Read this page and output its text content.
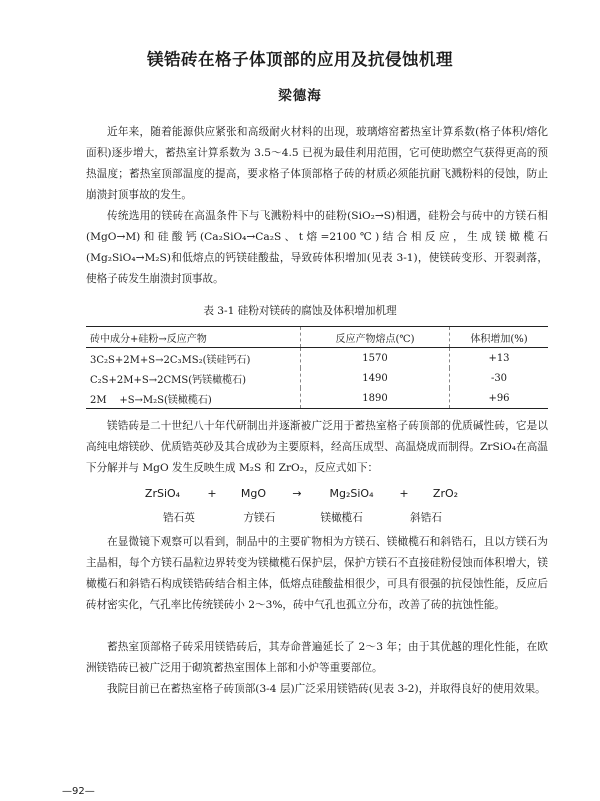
镁锆砖在格子体顶部的应用及抗侵蚀机理
梁德海

近年来，随着能源供应紧张和高级耐火材料的出现，玻璃熔窑蓄热室计算系数(格子体积/熔化面积)逐步增大，蓄热室计算系数为 3.5～4.5 已视为最佳利用范围，它可使助燃空气获得更高的预热温度；蓄热室顶部温度的提高，要求格子体顶部格子砖的材质必须能抗耐飞溅粉料的侵蚀，防止崩溃封顶事故的发生。

传统选用的镁砖在高温条件下与飞溅粉料中的硅粉(SiO₂→S)相遇，硅粉会与砖中的方镁石相(MgO→M)和硅酸钙(Ca₂SiO₄→Ca₂S、t熔=2100℃)结合相反应，生成镁橄榄石(Mg₂SiO₄→M₂S)和低熔点的钙镁硅酸盐，导致砖体积增加(见表 3-1)，使镁砖变形、开裂剥落，使格子砖发生崩溃封顶事故。

表 3-1 硅粉对镁砖的腐蚀及体积增加机理
砖中成分+硅粉→反应产物	反应产物熔点(℃)	体积增加(%)
3C₂S+2M+S→2C₃MS₂(镁硅钙石)	1570	+13
C₂S+2M+S→2CMS(钙镁橄榄石)	1490	-30
2M    +S→M₂S(镁橄榄石)	1890	+96

镁锆砖是二十世纪八十年代研制出并逐渐被广泛用于蓄热室格子砖顶部的优质碱性砖，它是以高纯电熔镁砂、优质锆英砂及其合成砂为主要原料，经高压成型、高温烧成而制得。ZrSiO₄在高温下分解并与 MgO 发生反映生成 M₂S 和 ZrO₂，反应式如下：

ZrSiO₄ + MgO →	Mg₂SiO₄ + ZrO₂
锆石英	方镁石	镁橄榄石	斜锆石

在显微镜下观察可以看到，制品中的主要矿物相为方镁石、镁橄榄石和斜锆石，且以方镁石为主晶相，每个方镁石晶粒边界转变为镁橄榄石保护层，保护方镁石不直接硅粉侵蚀而体积增大，镁橄榄石和斜锆石构成镁锆砖结合相主体，低熔点硅酸盐相很少，可具有很强的抗侵蚀性能，反应后砖材密实化，气孔率比传统镁砖小 2～3%，砖中气孔也孤立分布，改善了砖的抗蚀性能。

蓄热室顶部格子砖采用镁锆砖后，其寿命普遍延长了 2～3 年；由于其优越的理化性能，在欧洲镁锆砖已被广泛用于砌筑蓄热室围体上部和小炉等重要部位。

我院目前已在蓄热室格子砖顶部(3-4 层)广泛采用镁锆砖(见表 3-2)，并取得良好的使用效果。

—92—
